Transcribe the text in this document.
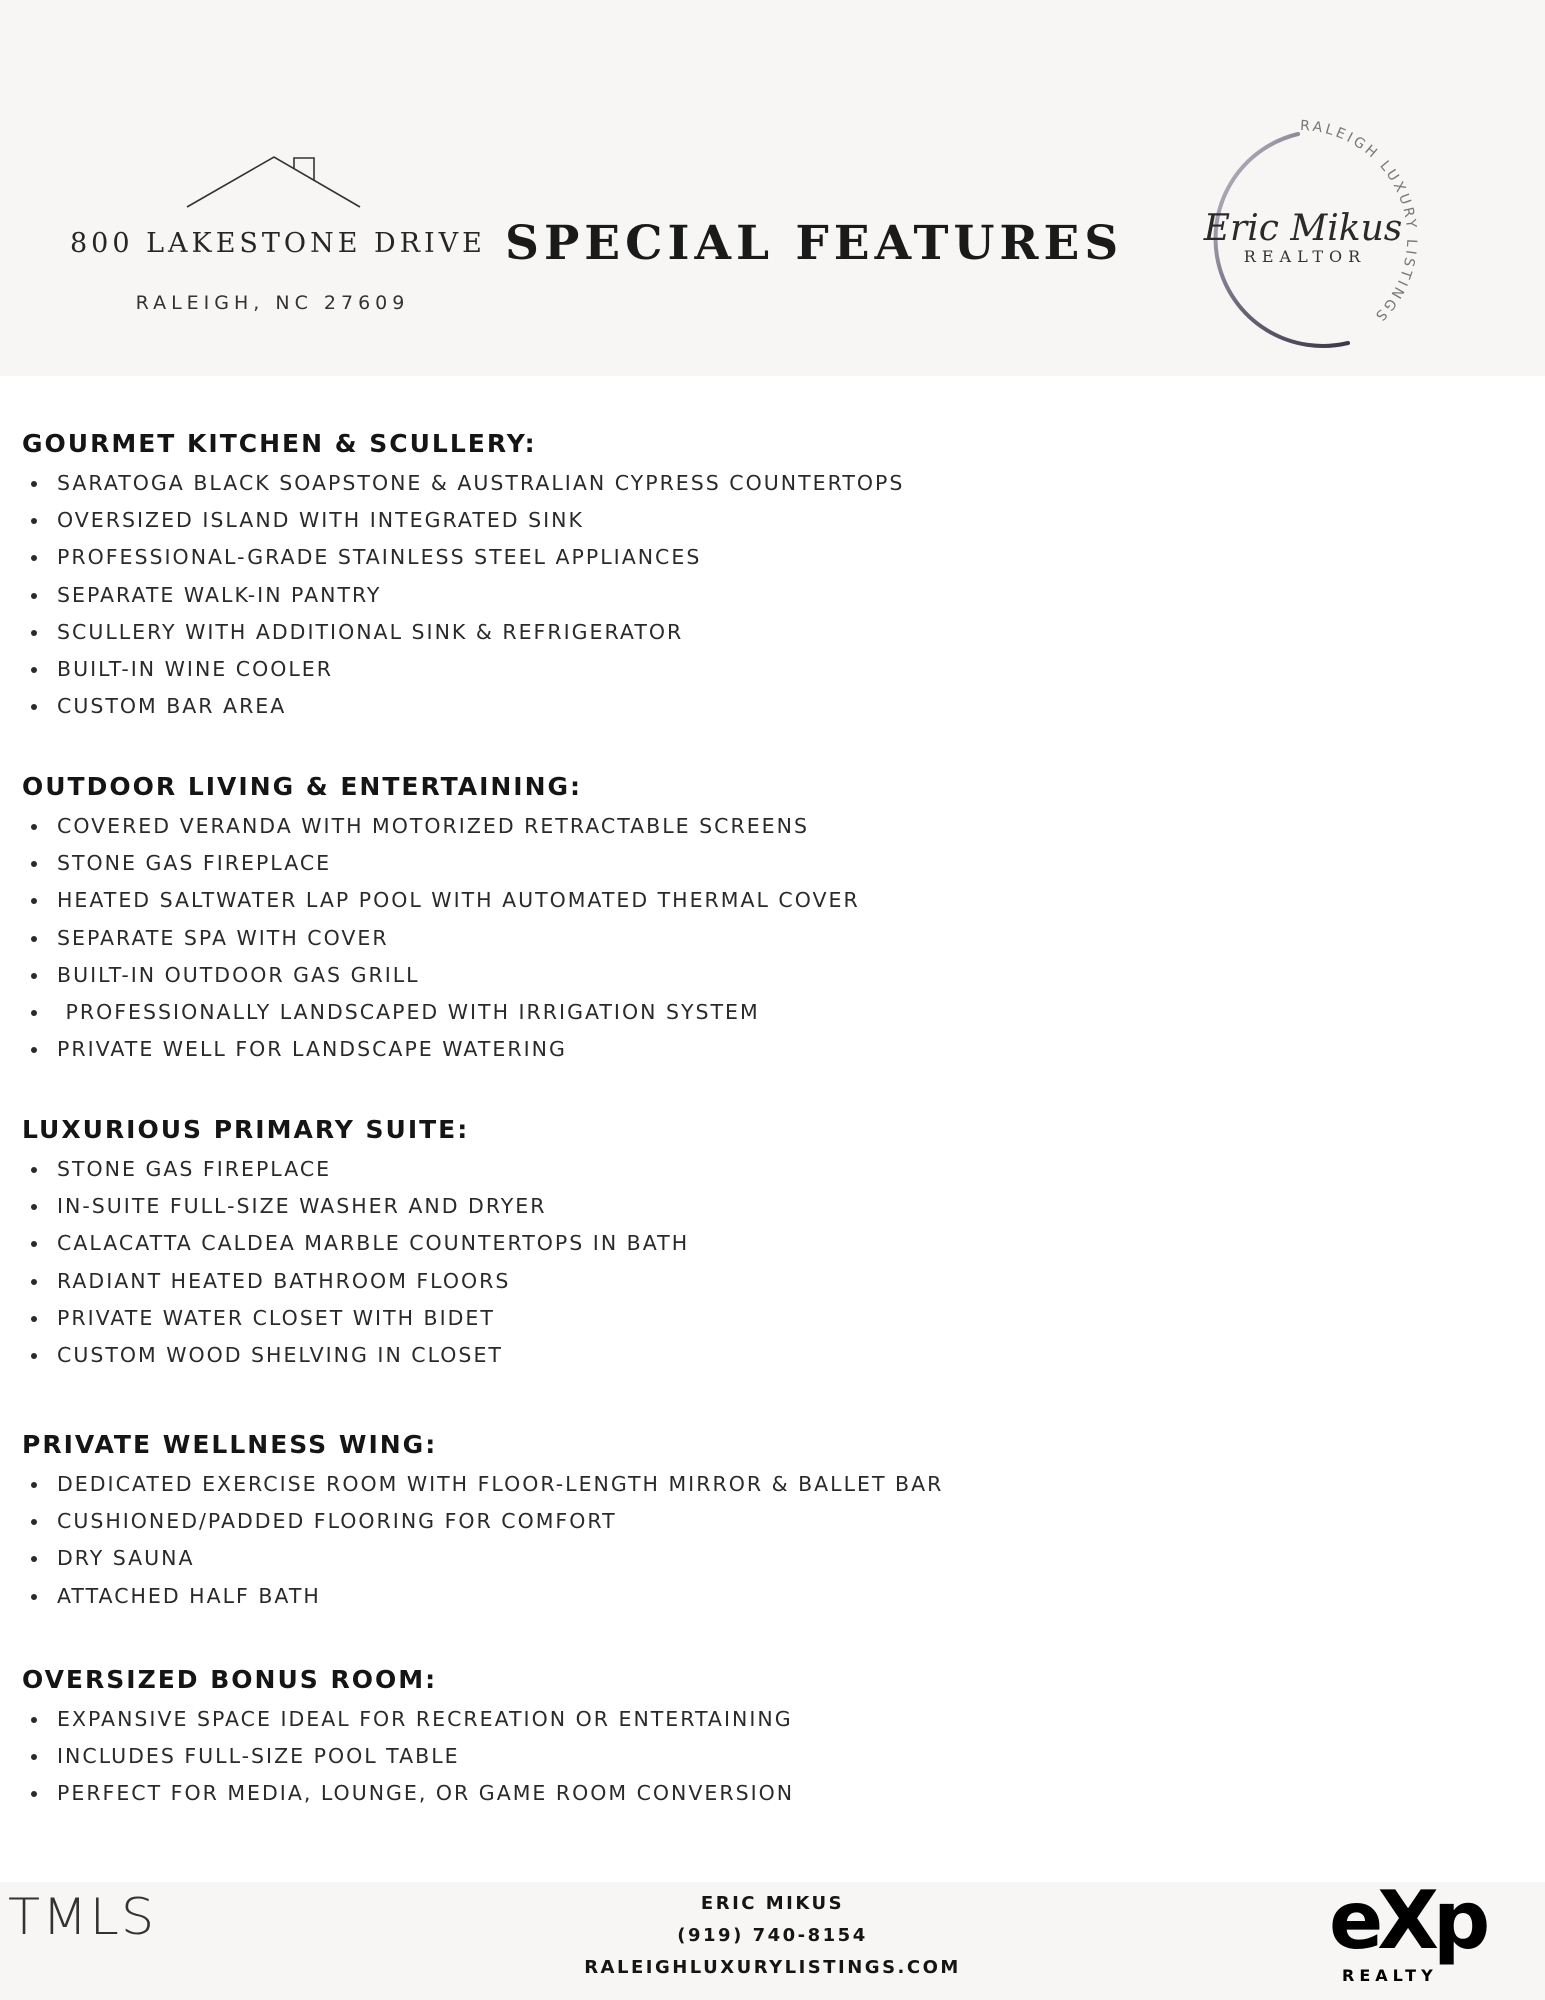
800 LAKESTONE DRIVE
RALEIGH, NC 27609
SPECIAL FEATURES
RALEIGH LUXURY LISTINGS
Eric Mikus
REALTOR
GOURMET KITCHEN & SCULLERY:
SARATOGA BLACK SOAPSTONE & AUSTRALIAN CYPRESS COUNTERTOPS
OVERSIZED ISLAND WITH INTEGRATED SINK
PROFESSIONAL-GRADE STAINLESS STEEL APPLIANCES
SEPARATE WALK-IN PANTRY
SCULLERY WITH ADDITIONAL SINK & REFRIGERATOR
BUILT-IN WINE COOLER
CUSTOM BAR AREA
OUTDOOR LIVING & ENTERTAINING:
COVERED VERANDA WITH MOTORIZED RETRACTABLE SCREENS
STONE GAS FIREPLACE
HEATED SALTWATER LAP POOL WITH AUTOMATED THERMAL COVER
SEPARATE SPA WITH COVER
BUILT-IN OUTDOOR GAS GRILL
PROFESSIONALLY LANDSCAPED WITH IRRIGATION SYSTEM
PRIVATE WELL FOR LANDSCAPE WATERING
LUXURIOUS PRIMARY SUITE:
STONE GAS FIREPLACE
IN-SUITE FULL-SIZE WASHER AND DRYER
CALACATTA CALDEA MARBLE COUNTERTOPS IN BATH
RADIANT HEATED BATHROOM FLOORS
PRIVATE WATER CLOSET WITH BIDET
CUSTOM WOOD SHELVING IN CLOSET
PRIVATE WELLNESS WING:
DEDICATED EXERCISE ROOM WITH FLOOR-LENGTH MIRROR & BALLET BAR
CUSHIONED/PADDED FLOORING FOR COMFORT
DRY SAUNA
ATTACHED HALF BATH
OVERSIZED BONUS ROOM:
EXPANSIVE SPACE IDEAL FOR RECREATION OR ENTERTAINING
INCLUDES FULL-SIZE POOL TABLE
PERFECT FOR MEDIA, LOUNGE, OR GAME ROOM CONVERSION
TMLS	ERIC MIKUS
(919) 740-8154
RALEIGHLUXURYLISTINGS.COM
eXp
REALTY
